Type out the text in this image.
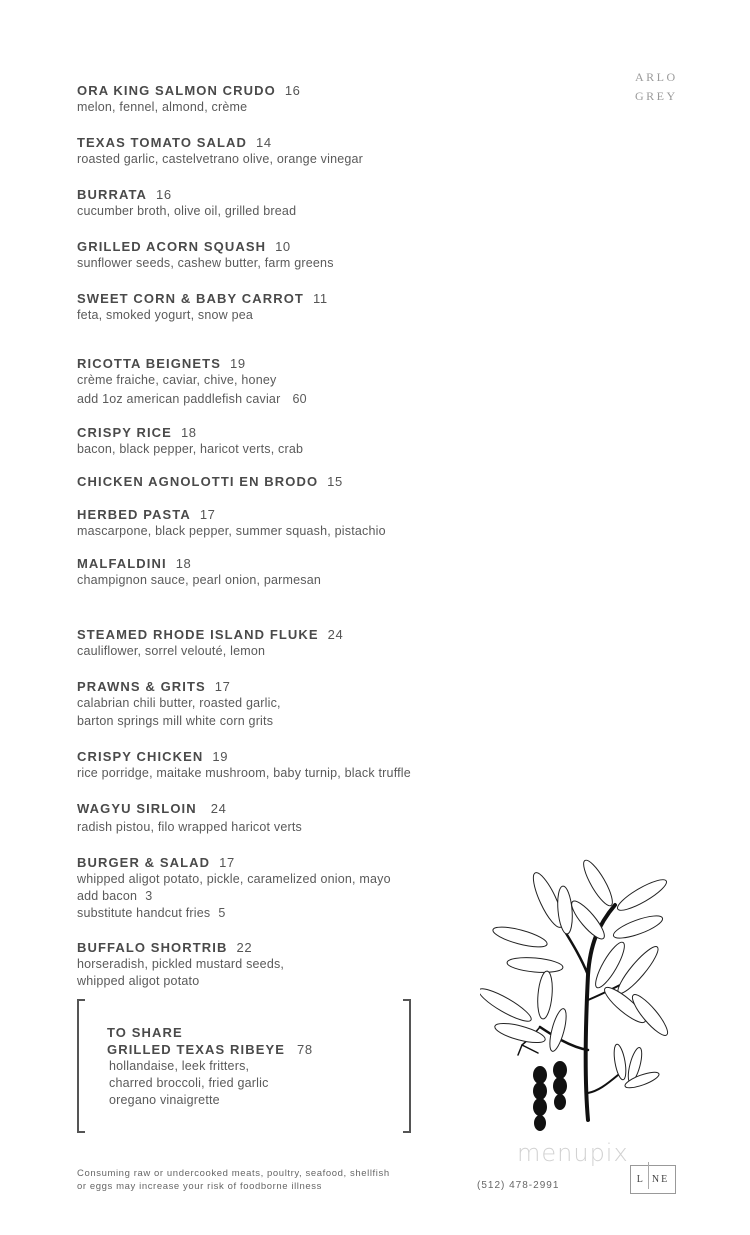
ARLO
GREY
ORA KING SALMON CRUDO 16
melon, fennel, almond, crème
TEXAS TOMATO SALAD 14
roasted garlic, castelvetrano olive, orange vinegar
BURRATA 16
cucumber broth, olive oil, grilled bread
GRILLED ACORN SQUASH 10
sunflower seeds, cashew butter, farm greens
SWEET CORN & BABY CARROT 11
feta, smoked yogurt, snow pea
RICOTTA BEIGNETS 19
crème fraiche, caviar, chive, honey
add 1oz american paddlefish caviar 60
CRISPY RICE 18
bacon, black pepper, haricot verts, crab
CHICKEN AGNOLOTTI EN BRODO 15
HERBED PASTA 17
mascarpone, black pepper, summer squash, pistachio
MALFALDINI 18
champignon sauce, pearl onion, parmesan
STEAMED RHODE ISLAND FLUKE 24
cauliflower, sorrel velouté, lemon
PRAWNS & GRITS 17
calabrian chili butter, roasted garlic,
barton springs mill white corn grits
CRISPY CHICKEN 19
rice porridge, maitake mushroom, baby turnip, black truffle
WAGYU SIRLOIN 24
radish pistou, filo wrapped haricot verts
BURGER & SALAD 17
whipped aligot potato, pickle, caramelized onion, mayo
add bacon 3
substitute handcut fries 5
BUFFALO SHORTRIB 22
horseradish, pickled mustard seeds,
whipped aligot potato
TO SHARE
GRILLED TEXAS RIBEYE 78
hollandaise, leek fritters,
charred broccoli, fried garlic
oregano vinaigrette
menupix
Consuming raw or undercooked meats, poultry, seafood, shellfish
or eggs may increase your risk of foodborne illness	(512) 478-2991
L NE
